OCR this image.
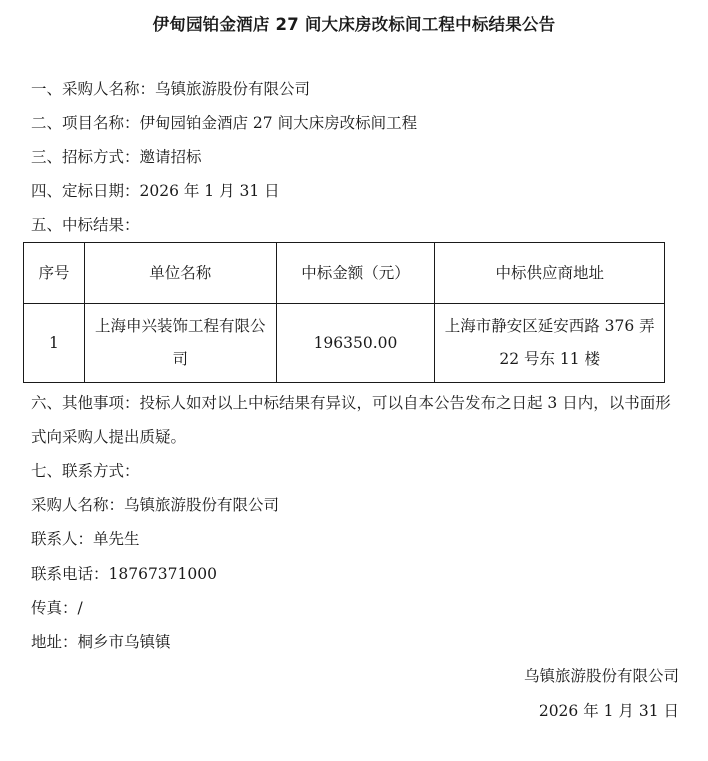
伊甸园铂金酒店 27 间大床房改标间工程中标结果公告
一、采购人名称：乌镇旅游股份有限公司
二、项目名称：伊甸园铂金酒店 27 间大床房改标间工程
三、招标方式：邀请招标
四、定标日期：2026 年 1 月 31 日
五、中标结果：
序号	单位名称	中标金额（元）	中标供应商地址
1	上海申兴装饰工程有限公司	196350.00	上海市静安区延安西路 376 弄 22 号东 11 楼
六、其他事项：投标人如对以上中标结果有异议，可以自本公告发布之日起 3 日内，以书面形式向采购人提出质疑。
七、联系方式：
采购人名称：乌镇旅游股份有限公司
联系人：单先生
联系电话：18767371000
传真：/
地址：桐乡市乌镇镇
乌镇旅游股份有限公司
2026 年 1 月 31 日
